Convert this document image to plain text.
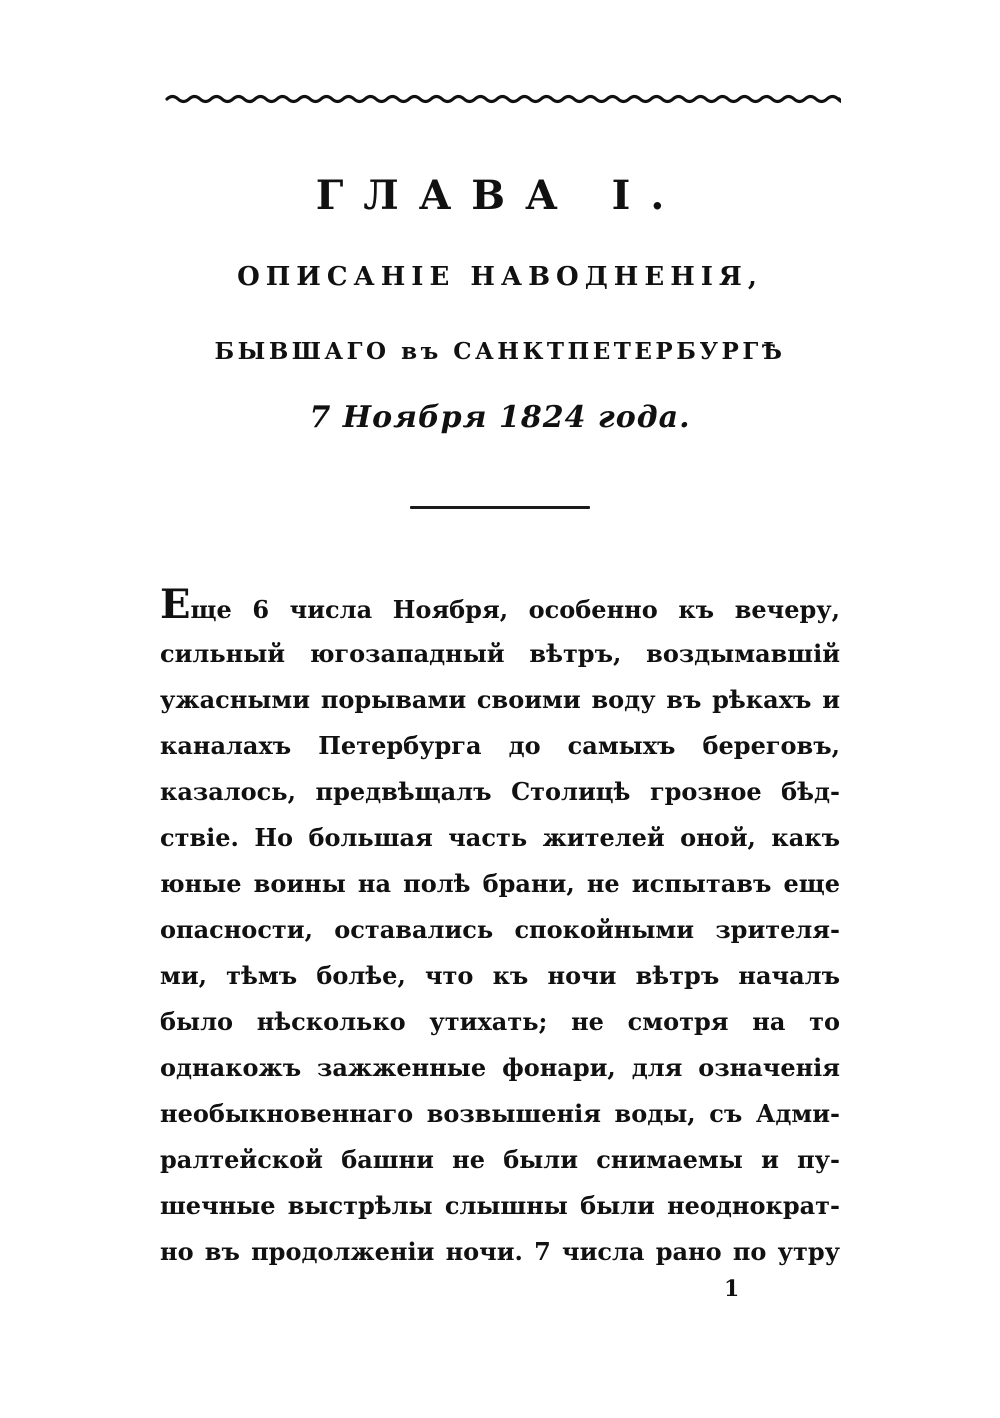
ГЛАВА I.
ОПИСАНІЕ НАВОДНЕНІЯ,
БЫВШАГО въ САНКТПЕТЕРБУРГѢ
7 Ноября 1824 года.
Еще 6 числа Ноября, особенно къ вечеру,
сильный югозападный вѣтръ, воздымавшій
ужасными порывами своими воду въ рѣкахъ и
каналахъ Петербурга до самыхъ береговъ,
казалось, предвѣщалъ Столицѣ грозное бѣд-
ствіе. Но большая часть жителей оной, какъ
юные воины на полѣ брани, не испытавъ еще
опасности, оставались спокойными зрителя-
ми, тѣмъ болѣе, что къ ночи вѣтръ началъ
было нѣсколько утихать; не смотря на то
однакожъ зажженные фонари, для означенія
необыкновеннаго возвышенія воды, съ Адми-
ралтейской башни не были снимаемы и пу-
шечные выстрѣлы слышны были неоднократ-
но въ продолженіи ночи. 7 числа рано по утру
1
